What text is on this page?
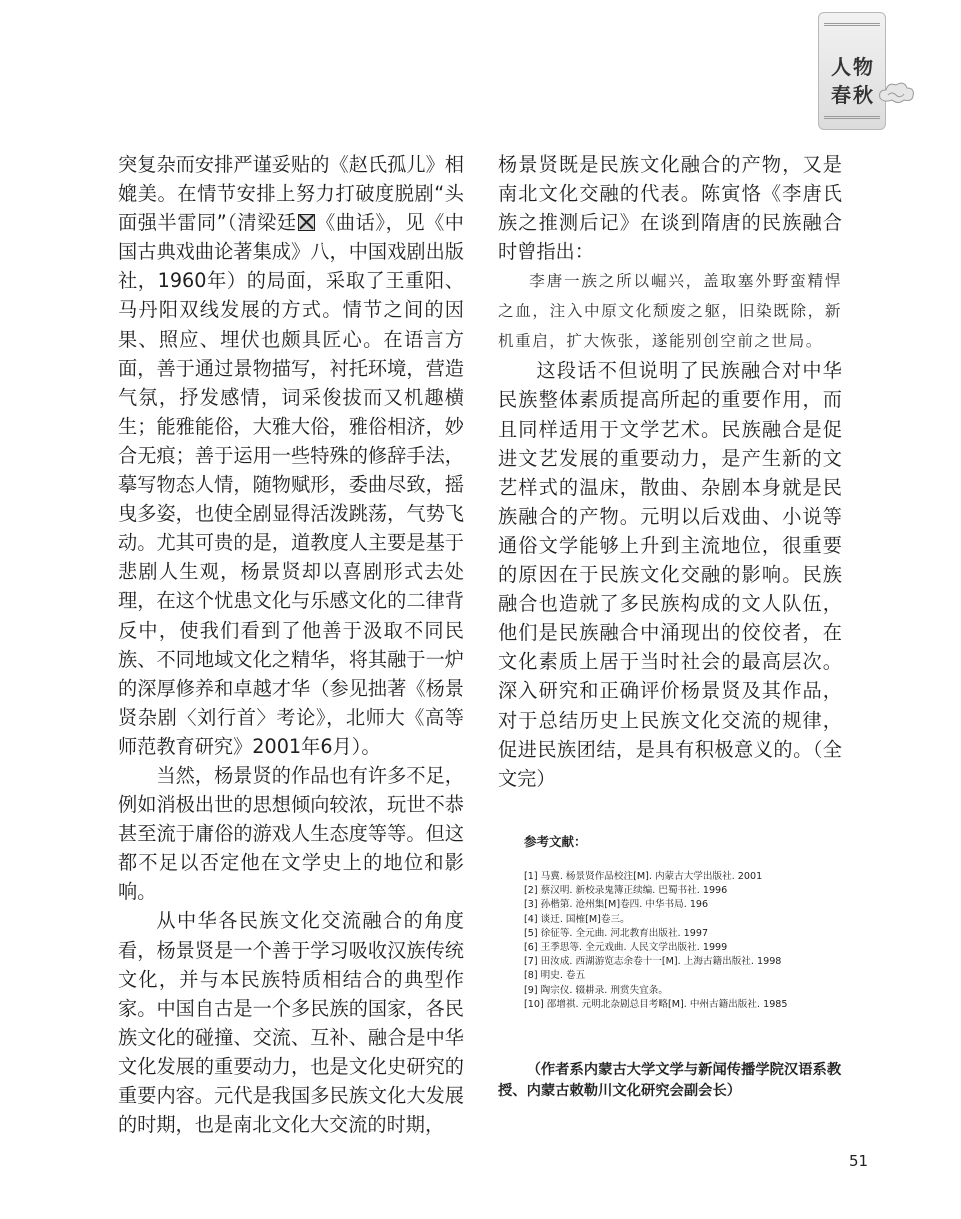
人物
春秋

突复杂而安排严谨妥贴的《赵氏孤儿》相媲美。在情节安排上努力打破度脱剧“头面强半雷同”（清梁廷☒《曲话》，见《中国古典戏曲论著集成》八，中国戏剧出版社，1960年）的局面，采取了王重阳、马丹阳双线发展的方式。情节之间的因果、照应、埋伏也颇具匠心。在语言方面，善于通过景物描写，衬托环境，营造气氛，抒发感情，词采俊拔而又机趣横生；能雅能俗，大雅大俗，雅俗相济，妙合无痕；善于运用一些特殊的修辞手法，摹写物态人情，随物赋形，委曲尽致，摇曳多姿，也使全剧显得活泼跳荡，气势飞动。尤其可贵的是，道教度人主要是基于悲剧人生观，杨景贤却以喜剧形式去处理，在这个忧患文化与乐感文化的二律背反中，使我们看到了他善于汲取不同民族、不同地域文化之精华，将其融于一炉的深厚修养和卓越才华（参见拙著《杨景贤杂剧〈刘行首〉考论》，北师大《高等师范教育研究》2001年6月）。

当然，杨景贤的作品也有许多不足，例如消极出世的思想倾向较浓，玩世不恭甚至流于庸俗的游戏人生态度等等。但这都不足以否定他在文学史上的地位和影响。

从中华各民族文化交流融合的角度看，杨景贤是一个善于学习吸收汉族传统文化，并与本民族特质相结合的典型作家。中国自古是一个多民族的国家，各民族文化的碰撞、交流、互补、融合是中华文化发展的重要动力，也是文化史研究的重要内容。元代是我国多民族文化大发展的时期，也是南北文化大交流的时期，

杨景贤既是民族文化融合的产物，又是南北文化交融的代表。陈寅恪《李唐氏族之推测后记》在谈到隋唐的民族融合时曾指出：

李唐一族之所以崛兴，盖取塞外野蛮精悍之血，注入中原文化颓废之躯，旧染既除，新机重启，扩大恢张，遂能别创空前之世局。

这段话不但说明了民族融合对中华民族整体素质提高所起的重要作用，而且同样适用于文学艺术。民族融合是促进文艺发展的重要动力，是产生新的文艺样式的温床，散曲、杂剧本身就是民族融合的产物。元明以后戏曲、小说等通俗文学能够上升到主流地位，很重要的原因在于民族文化交融的影响。民族融合也造就了多民族构成的文人队伍，他们是民族融合中涌现出的佼佼者，在文化素质上居于当时社会的最高层次。深入研究和正确评价杨景贤及其作品，对于总结历史上民族文化交流的规律，促进民族团结，是具有积极意义的。（全文完）

参考文献：
[1] 马冀. 杨景贤作品校注[M]. 内蒙古大学出版社. 2001
[2] 蔡汉明. 新校录鬼簿正续编. 巴蜀书社. 1996
[3] 孙楷第. 沧州集[M]卷四. 中华书局. 196
[4] 谈迁. 国榷[M]卷三。
[5] 徐征等. 全元曲. 河北教育出版社. 1997
[6] 王季思等. 全元戏曲. 人民文学出版社. 1999
[7] 田汝成. 西湖游览志余卷十一[M]. 上海古籍出版社. 1998
[8] 明史. 卷五
[9] 陶宗仪. 辍耕录. 刑赏失宜条。
[10] 邵增祺. 元明北杂剧总目考略[M]. 中州古籍出版社. 1985
（作者系内蒙古大学文学与新闻传播学院汉语系教授、内蒙古敕勒川文化研究会副会长）
51
